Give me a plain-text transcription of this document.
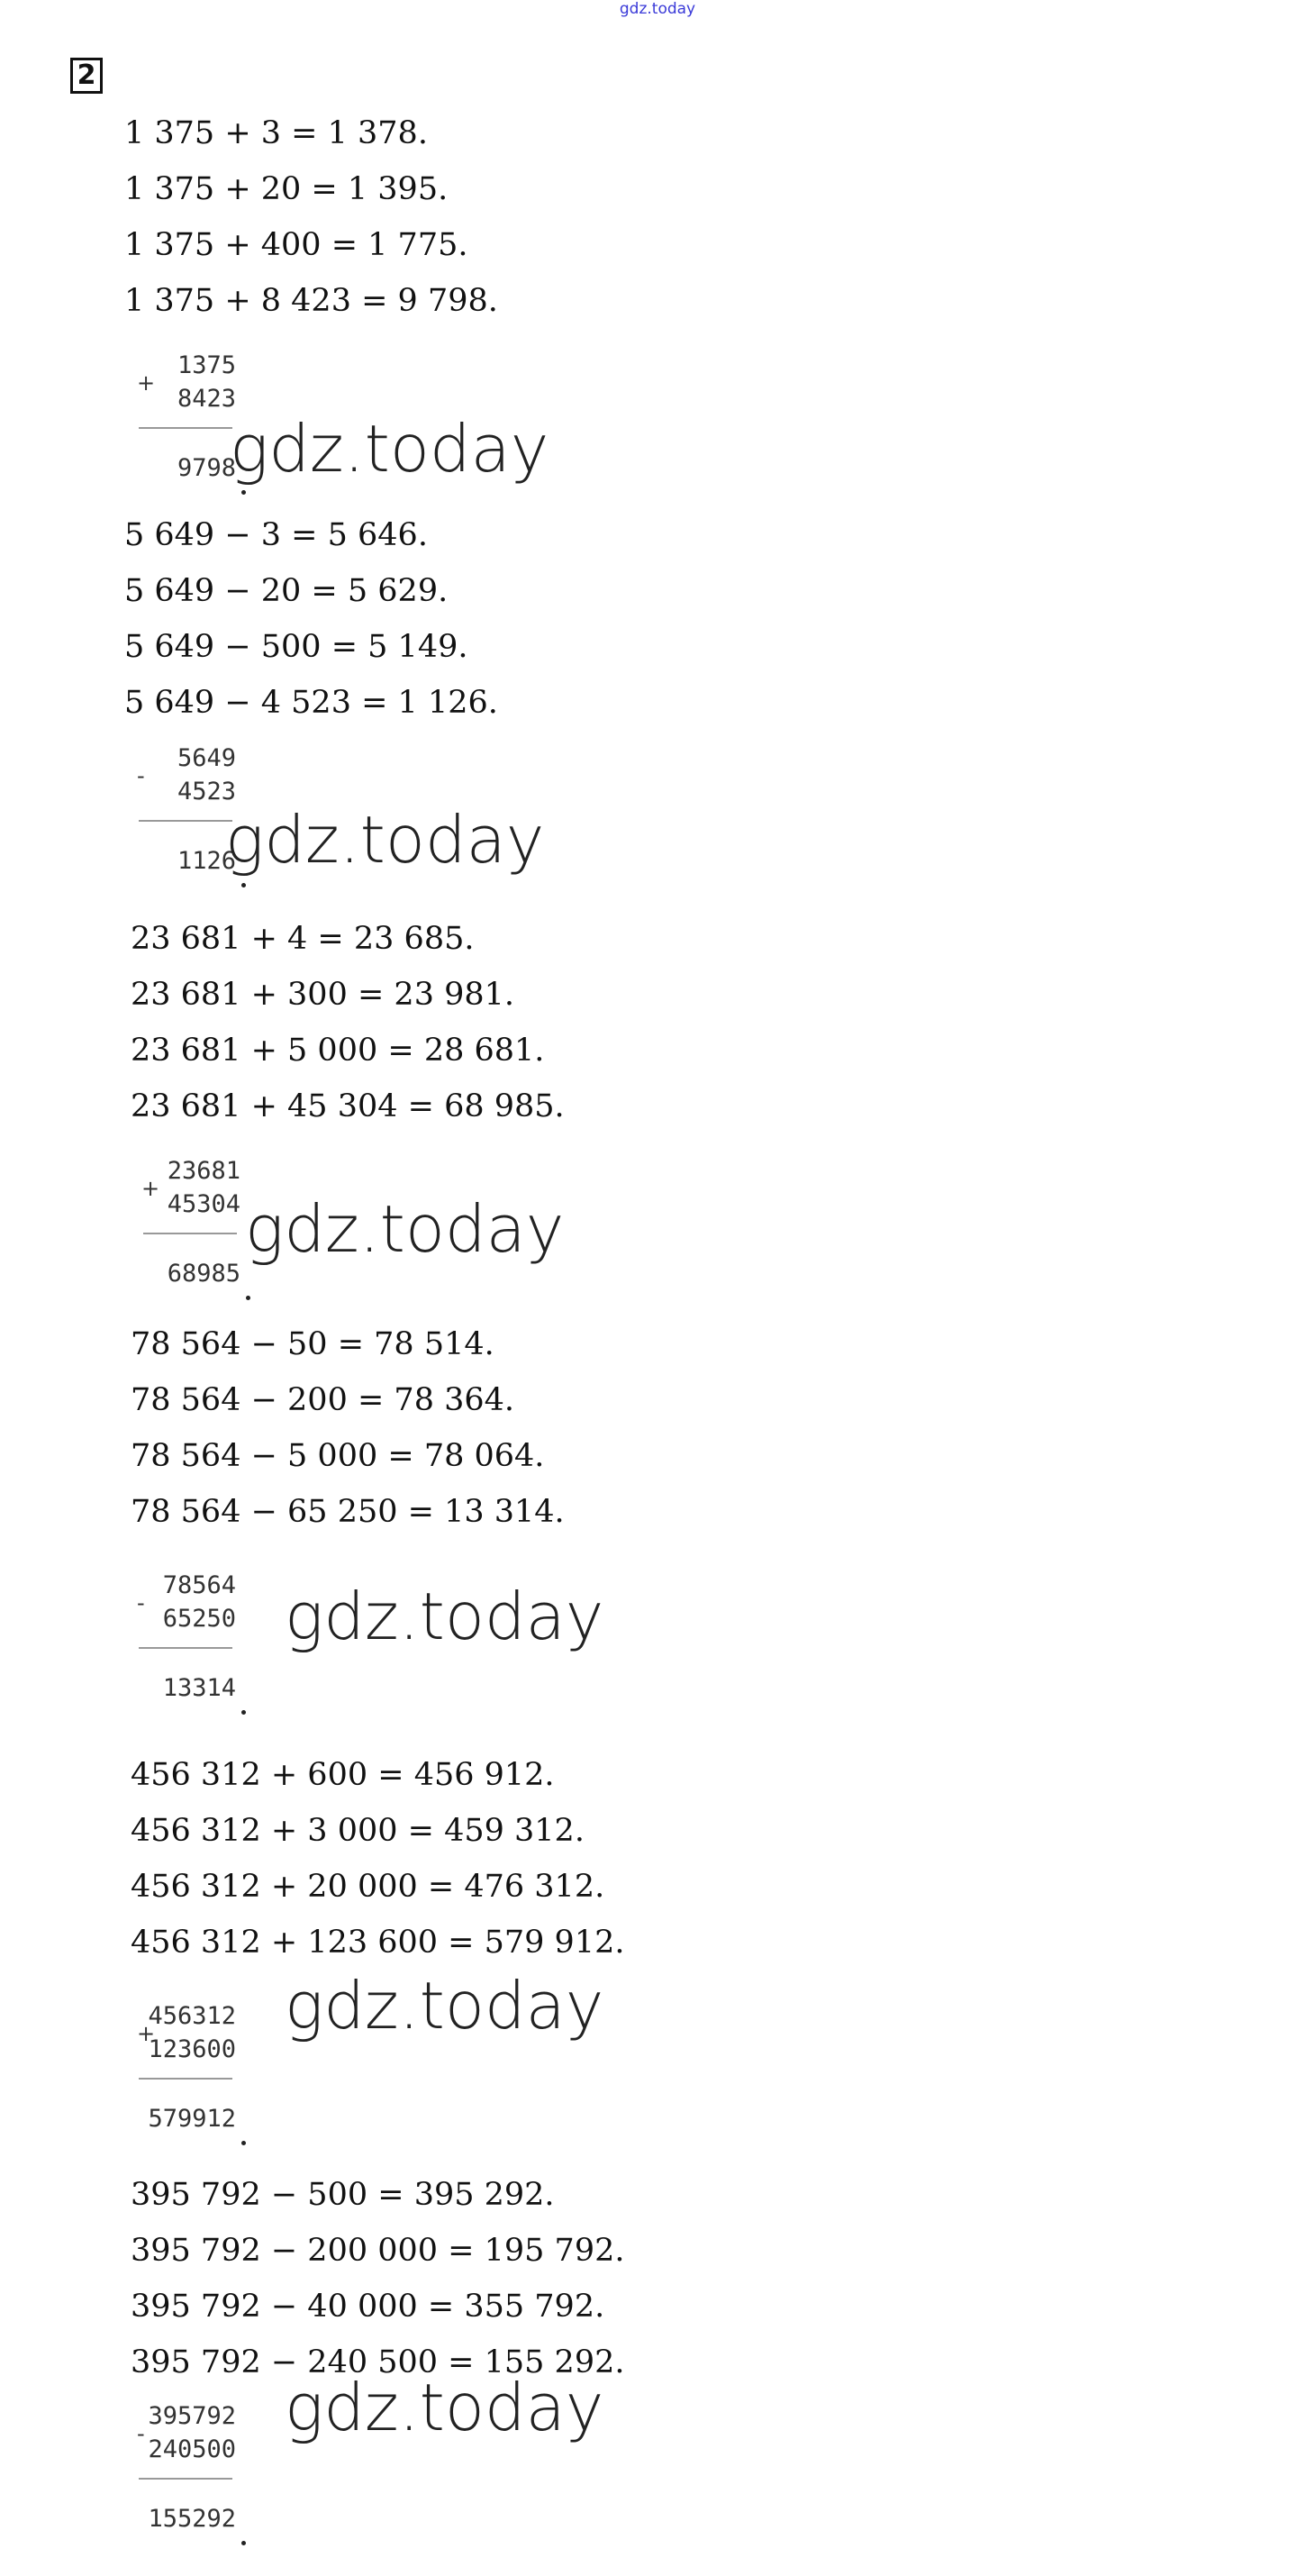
gdz.today
2
1 375 + 3 = 1 378.
1 375 + 20 = 1 395.
1 375 + 400 = 1 775.
1 375 + 8 423 = 9 798.
+
1375
8423
9798
gdz.today
5 649 − 3 = 5 646.
5 649 − 20 = 5 629.
5 649 − 500 = 5 149.
5 649 − 4 523 = 1 126.
-
5649
4523
1126
gdz.today
23 681 + 4 = 23 685.
23 681 + 300 = 23 981.
23 681 + 5 000 = 28 681.
23 681 + 45 304 = 68 985.
+
23681
45304
68985
gdz.today
78 564 − 50 = 78 514.
78 564 − 200 = 78 364.
78 564 − 5 000 = 78 064.
78 564 − 65 250 = 13 314.
-
78564
65250
13314
gdz.today
456 312 + 600 = 456 912.
456 312 + 3 000 = 459 312.
456 312 + 20 000 = 476 312.
456 312 + 123 600 = 579 912.
+
456312
123600
579912
gdz.today
395 792 − 500 = 395 292.
395 792 − 200 000 = 195 792.
395 792 − 40 000 = 355 792.
395 792 − 240 500 = 155 292.
-
395792
240500
155292
gdz.today
